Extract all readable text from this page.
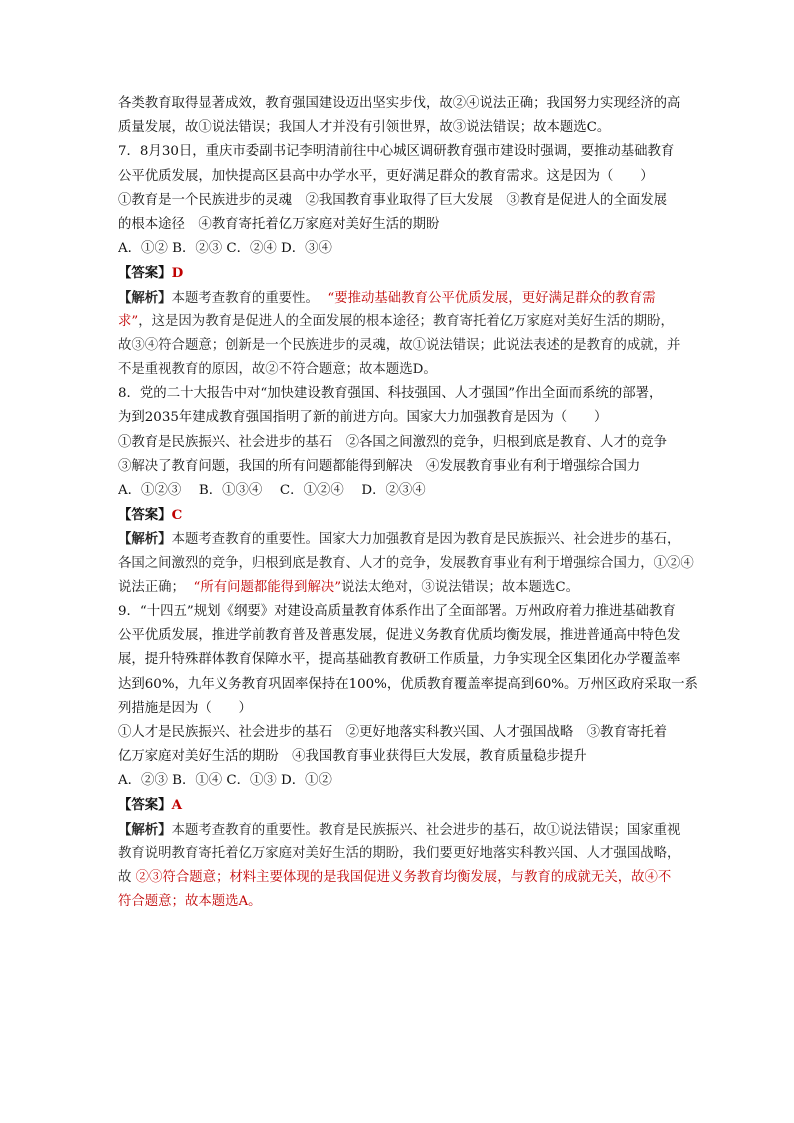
各类教育取得显著成效，教育强国建设迈出坚实步伐，故②④说法正确；我国努力实现经济的高
质量发展，故①说法错误；我国人才并没有引领世界，故③说法错误；故本题选C。
7．8月30日，重庆市委副书记李明清前往中心城区调研教育强市建设时强调，要推动基础教育
公平优质发展，加快提高区县高中办学水平，更好满足群众的教育需求。这是因为（　　）
①教育是一个民族进步的灵魂　②我国教育事业取得了巨大发展　③教育是促进人的全面发展
的根本途径　④教育寄托着亿万家庭对美好生活的期盼
A．①② B．②③ C．②④ D．③④
【答案】D
【解析】本题考查教育的重要性。 “要推动基础教育公平优质发展，更好满足群众的教育需
求”，这是因为教育是促进人的全面发展的根本途径；教育寄托着亿万家庭对美好生活的期盼，
故③④符合题意；创新是一个民族进步的灵魂，故①说法错误；此说法表述的是教育的成就，并
不是重视教育的原因，故②不符合题意；故本题选D。
8．党的二十大报告中对“加快建设教育强国、科技强国、人才强国”作出全面而系统的部署，
为到2035年建成教育强国指明了新的前进方向。国家大力加强教育是因为（　　）
①教育是民族振兴、社会进步的基石　②各国之间激烈的竞争，归根到底是教育、人才的竞争
③解决了教育问题，我国的所有问题都能得到解决　④发展教育事业有利于增强综合国力
A．①②③　 B．①③④　 C．①②④　 D．②③④
【答案】C
【解析】本题考查教育的重要性。国家大力加强教育是因为教育是民族振兴、社会进步的基石，
各国之间激烈的竞争，归根到底是教育、人才的竞争，发展教育事业有利于增强综合国力，①②④
说法正确； “所有问题都能得到解决”说法太绝对，③说法错误；故本题选C。
9．“十四五”规划《纲要》对建设高质量教育体系作出了全面部署。万州政府着力推进基础教育
公平优质发展，推进学前教育普及普惠发展，促进义务教育优质均衡发展，推进普通高中特色发
展，提升特殊群体教育保障水平，提高基础教育教研工作质量，力争实现全区集团化办学覆盖率
达到60%，九年义务教育巩固率保持在100%，优质教育覆盖率提高到60%。万州区政府采取一系
列措施是因为（　　）
①人才是民族振兴、社会进步的基石　②更好地落实科教兴国、人才强国战略　③教育寄托着
亿万家庭对美好生活的期盼　④我国教育事业获得巨大发展，教育质量稳步提升
A．②③ B．①④ C．①③ D．①②
【答案】A
【解析】本题考查教育的重要性。教育是民族振兴、社会进步的基石，故①说法错误；国家重视
教育说明教育寄托着亿万家庭对美好生活的期盼，我们要更好地落实科教兴国、人才强国战略，
故 ②③符合题意；材料主要体现的是我国促进义务教育均衡发展，与教育的成就无关，故④不
符合题意；故本题选A。
